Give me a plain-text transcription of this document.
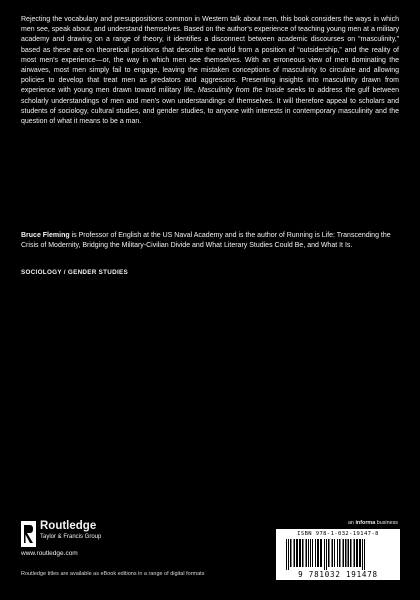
Rejecting the vocabulary and presuppositions common in Western talk about men, this book considers the ways in which men see, speak about, and understand themselves. Based on the author’s experience of teaching young men at a military academy and drawing on a range of theory, it identifies a disconnect between academic discourses on “masculinity,” based as these are on theoretical positions that describe the world from a position of “outsidership,” and the reality of most men’s experience—or, the way in which men see themselves. With an erroneous view of men dominating the airwaves, most men simply fail to engage, leaving the mistaken conceptions of masculinity to circulate and allowing policies to develop that treat men as predators and aggressors. Presenting insights into masculinity drawn from experience with young men drawn toward military life, Masculinity from the Inside seeks to address the gulf between scholarly understandings of men and men’s own understandings of themselves. It will therefore appeal to scholars and students of sociology, cultural studies, and gender studies, to anyone with interests in contemporary masculinity and the question of what it means to be a man.

Bruce Fleming is Professor of English at the US Naval Academy and is the author of Running is Life: Transcending the Crisis of Modernity, Bridging the Military-Civilian Divide and What Literary Studies Could Be, and What It Is.

SOCIOLOGY / GENDER STUDIES
Routledge
Taylor & Francis Group
www.routledge.com
Routledge titles are available as eBook editions in a range of digital formats
an informa business
ISBN 978-1-032-19147-8
9 781032 191478
